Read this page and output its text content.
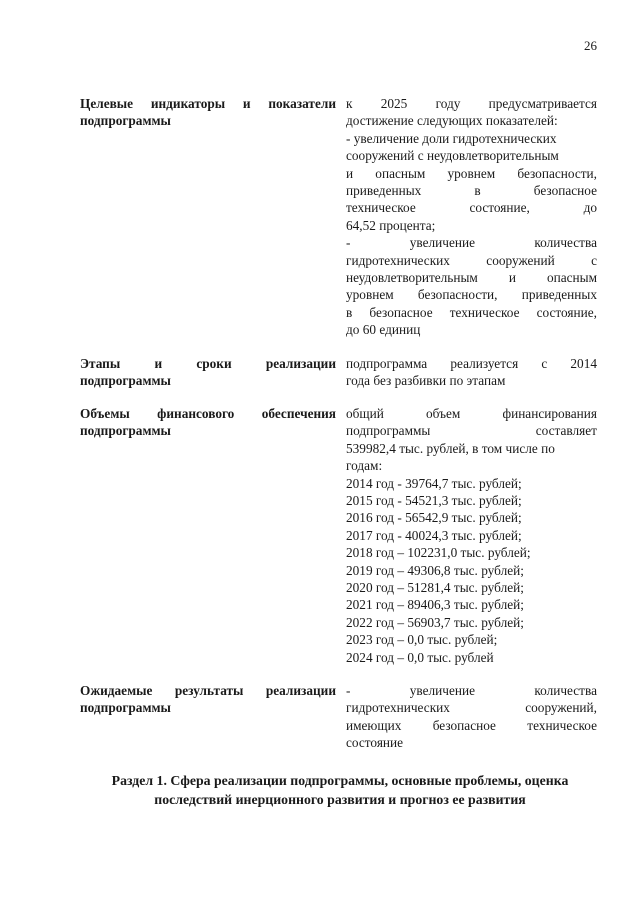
26
Целевые индикаторы и показатели
подпрограммы
к 2025 году предусматривается
достижение следующих показателей:
- увеличение доли гидротехнических
сооружений с неудовлетворительным
и опасным уровнем безопасности,
приведенных в безопасное
техническое состояние, до
64,52 процента;
- увеличение количества
гидротехнических сооружений с
неудовлетворительным и опасным
уровнем безопасности, приведенных
в безопасное техническое состояние,
до 60 единиц
Этапы и сроки реализации
подпрограммы
подпрограмма реализуется с 2014
года без разбивки по этапам
Объемы финансового обеспечения
подпрограммы
общий объем финансирования
подпрограммы составляет
539982,4 тыс. рублей, в том числе по
годам:
2014 год - 39764,7 тыс. рублей;
2015 год - 54521,3 тыс. рублей;
2016 год - 56542,9 тыс. рублей;
2017 год - 40024,3 тыс. рублей;
2018 год – 102231,0 тыс. рублей;
2019 год – 49306,8 тыс. рублей;
2020 год – 51281,4 тыс. рублей;
2021 год – 89406,3 тыс. рублей;
2022 год – 56903,7 тыс. рублей;
2023 год – 0,0 тыс. рублей;
2024 год – 0,0 тыс. рублей
Ожидаемые результаты реализации
подпрограммы
- увеличение количества
гидротехнических сооружений,
имеющих безопасное техническое
состояние
Раздел 1. Сфера реализации подпрограммы, основные проблемы, оценка
последствий инерционного развития и прогноз ее развития
